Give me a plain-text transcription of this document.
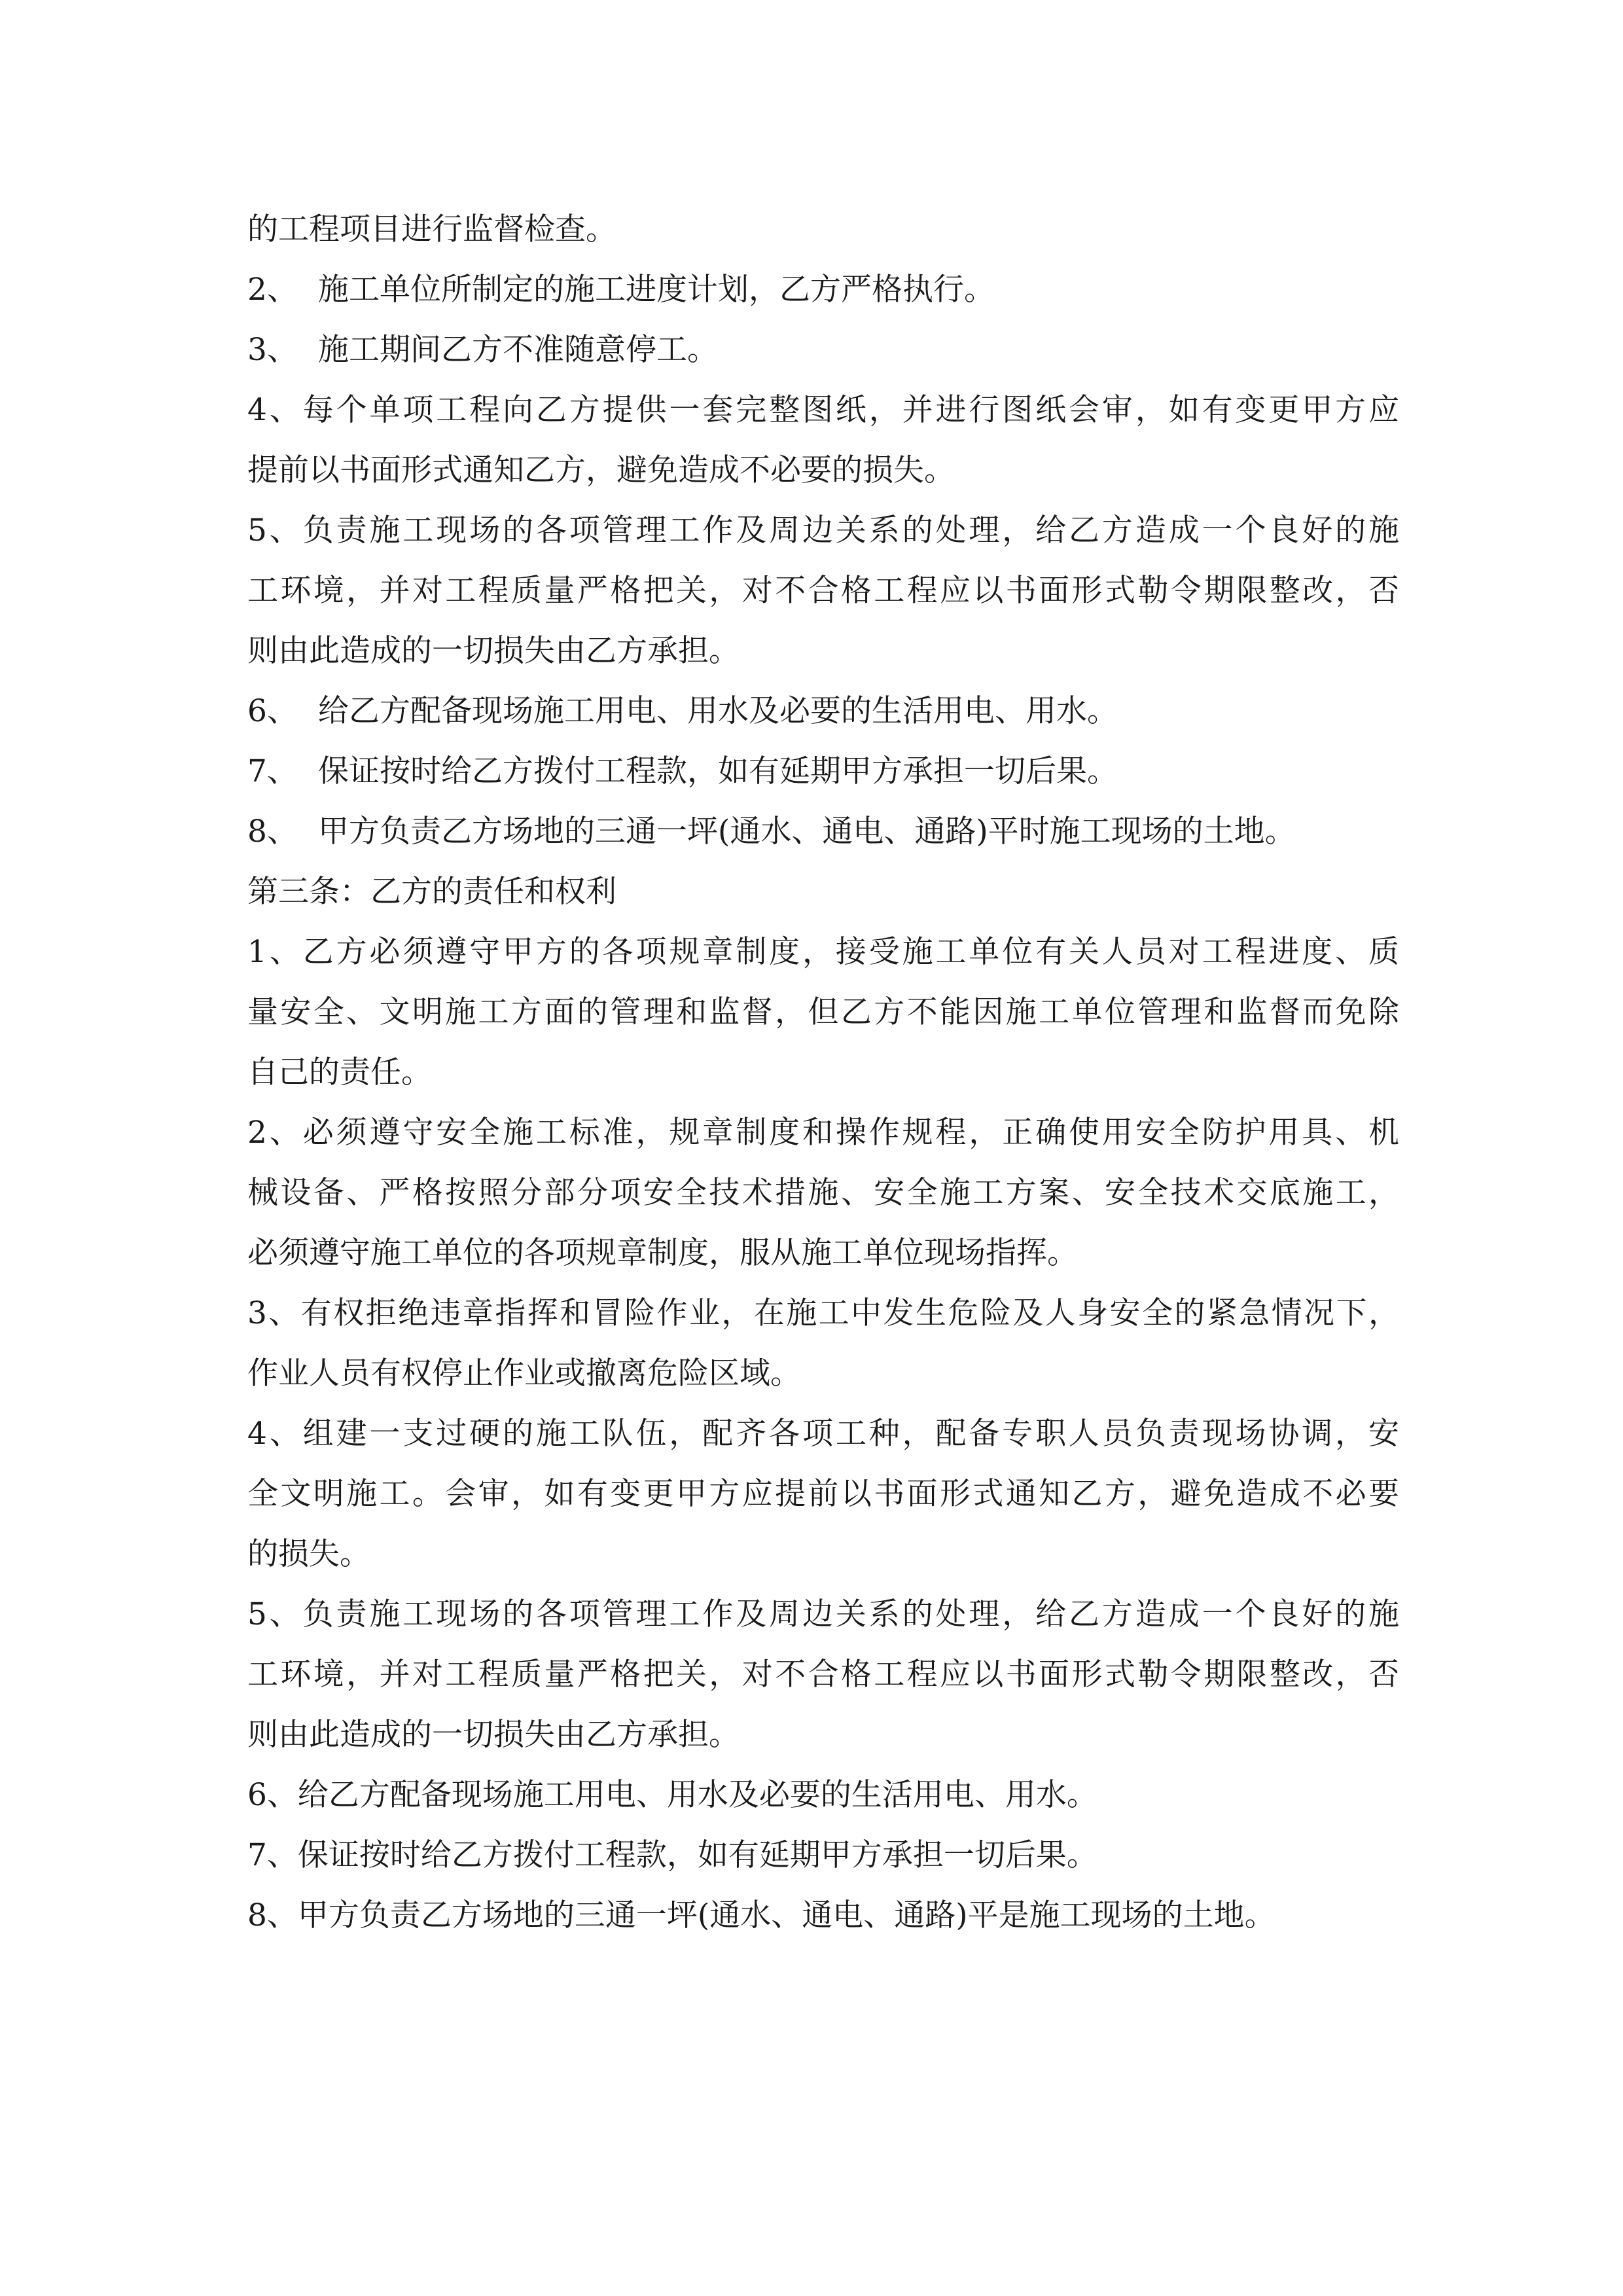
的工程项目进行监督检查。
2、 施工单位所制定的施工进度计划，乙方严格执行。
3、 施工期间乙方不准随意停工。
4、每个单项工程向乙方提供一套完整图纸，并进行图纸会审，如有变更甲方应
提前以书面形式通知乙方，避免造成不必要的损失。
5、负责施工现场的各项管理工作及周边关系的处理，给乙方造成一个良好的施
工环境，并对工程质量严格把关，对不合格工程应以书面形式勒令期限整改，否
则由此造成的一切损失由乙方承担。
6、 给乙方配备现场施工用电、用水及必要的生活用电、用水。
7、 保证按时给乙方拨付工程款，如有延期甲方承担一切后果。
8、 甲方负责乙方场地的三通一坪(通水、通电、通路)平时施工现场的土地。
第三条：乙方的责任和权利
1、乙方必须遵守甲方的各项规章制度，接受施工单位有关人员对工程进度、质
量安全、文明施工方面的管理和监督，但乙方不能因施工单位管理和监督而免除
自己的责任。
2、必须遵守安全施工标准，规章制度和操作规程，正确使用安全防护用具、机
械设备、严格按照分部分项安全技术措施、安全施工方案、安全技术交底施工，
必须遵守施工单位的各项规章制度，服从施工单位现场指挥。
3、有权拒绝违章指挥和冒险作业，在施工中发生危险及人身安全的紧急情况下，
作业人员有权停止作业或撤离危险区域。
4、组建一支过硬的施工队伍，配齐各项工种，配备专职人员负责现场协调，安
全文明施工。会审，如有变更甲方应提前以书面形式通知乙方，避免造成不必要
的损失。
5、负责施工现场的各项管理工作及周边关系的处理，给乙方造成一个良好的施
工环境，并对工程质量严格把关，对不合格工程应以书面形式勒令期限整改，否
则由此造成的一切损失由乙方承担。
6、给乙方配备现场施工用电、用水及必要的生活用电、用水。
7、保证按时给乙方拨付工程款，如有延期甲方承担一切后果。
8、甲方负责乙方场地的三通一坪(通水、通电、通路)平是施工现场的土地。
